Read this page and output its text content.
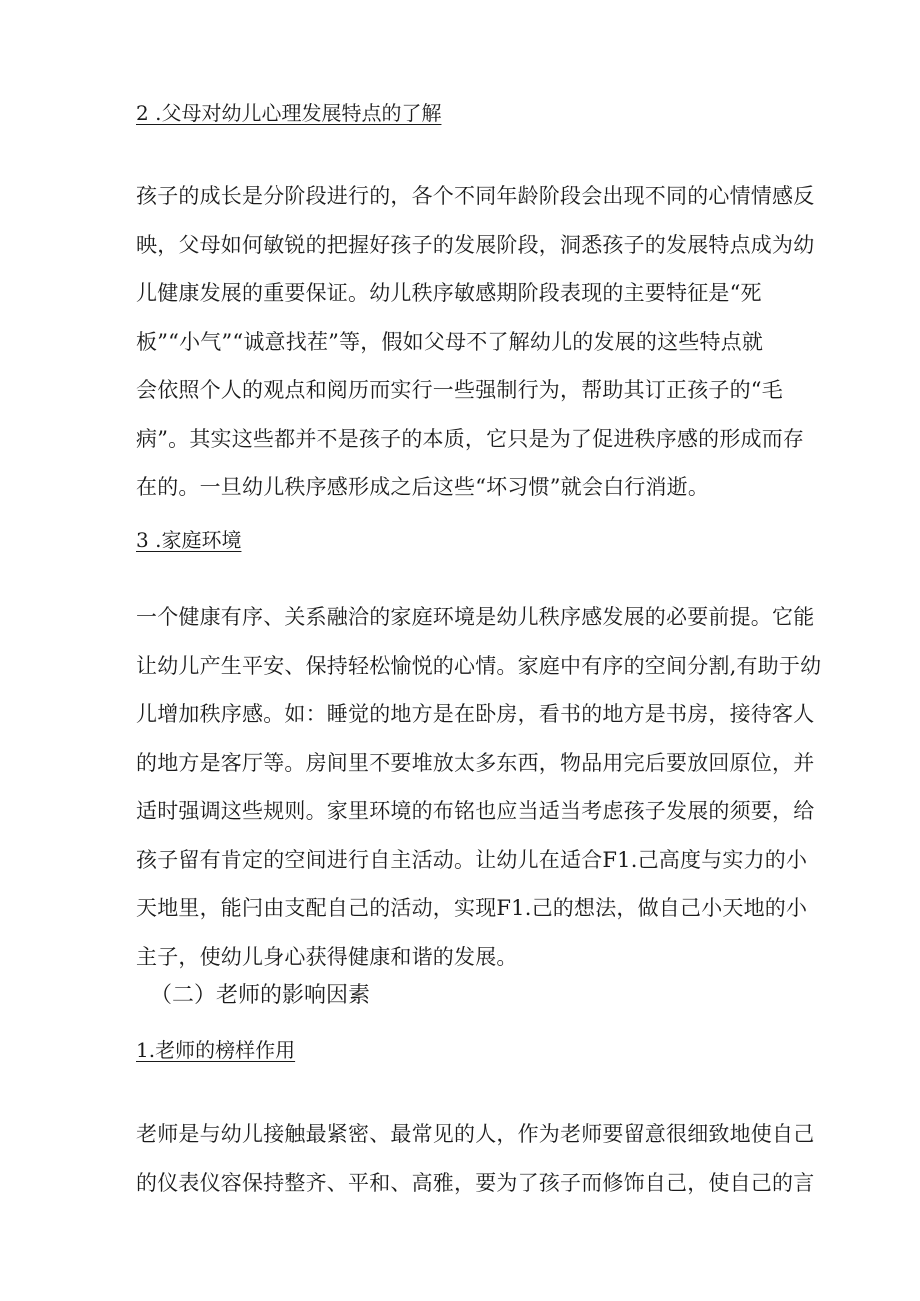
2 .父母对幼儿心理发展特点的了解
孩子的成长是分阶段进行的，各个不同年龄阶段会出现不同的心情情感反
映，父母如何敏锐的把握好孩子的发展阶段，洞悉孩子的发展特点成为幼
儿健康发展的重要保证。幼儿秩序敏感期阶段表现的主要特征是“死
板”“小气”“诚意找茬”等，假如父母不了解幼儿的发展的这些特点就
会依照个人的观点和阅历而实行一些强制行为，帮助其订正孩子的“毛
病”。其实这些都并不是孩子的本质，它只是为了促进秩序感的形成而存
在的。一旦幼儿秩序感形成之后这些“坏习惯”就会白行消逝。
3 .家庭环境
一个健康有序、关系融洽的家庭环境是幼儿秩序感发展的必要前提。它能
让幼儿产生平安、保持轻松愉悦的心情。家庭中有序的空间分割,有助于幼
儿增加秩序感。如：睡觉的地方是在卧房，看书的地方是书房，接待客人
的地方是客厅等。房间里不要堆放太多东西，物品用完后要放回原位，并
适时强调这些规则。家里环境的布铭也应当适当考虑孩子发展的须要，给
孩子留有肯定的空间进行自主活动。让幼儿在适合F1.己高度与实力的小
天地里，能闩由支配自己的活动，实现F1.己的想法，做自己小天地的小
主子，使幼儿身心获得健康和谐的发展。
（二）老师的影响因素
1.老师的榜样作用
老师是与幼儿接触最紧密、最常见的人，作为老师要留意很细致地使自己
的仪表仪容保持整齐、平和、高雅，要为了孩子而修饰自己，使自己的言
